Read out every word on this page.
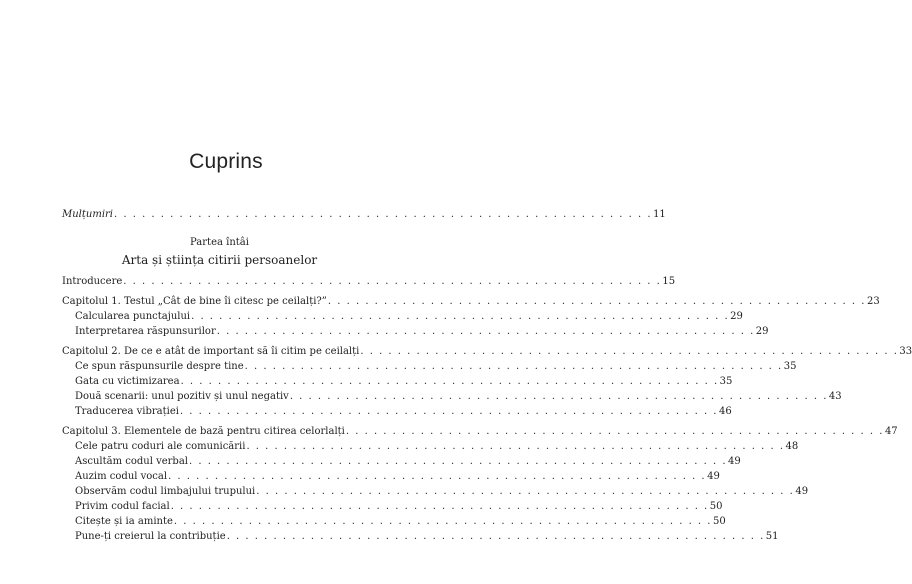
Cuprins
Mulțumiri . . . . . . . . . . . . . . . . . . . . . . . . . . . . . . . . . . . . . . . . . . . . . . . . . . . . . . . . . . 11
Partea întâi
Arta și știința citirii persoanelor
Introducere . . . . . . . . . . . . . . . . . . . . . . . . . . . . . . . . . . . . . . . . . . . . . . . . . . . . . . . . . . 15
Capitolul 1. Testul „Cât de bine îi citesc pe ceilalți?” . . . . . . . . . . . . . . . . . . . . . . . . . . . . . . . . . . . . . . . . . . . . . . . . . . . . . . . . . . 23
Calcularea punctajului . . . . . . . . . . . . . . . . . . . . . . . . . . . . . . . . . . . . . . . . . . . . . . . . . . . . . . . . . . 29
Interpretarea răspunsurilor . . . . . . . . . . . . . . . . . . . . . . . . . . . . . . . . . . . . . . . . . . . . . . . . . . . . . . . . . . 29
Capitolul 2. De ce e atât de important să îi citim pe ceilalți . . . . . . . . . . . . . . . . . . . . . . . . . . . . . . . . . . . . . . . . . . . . . . . . . . . . . . . . . . 33
Ce spun răspunsurile despre tine . . . . . . . . . . . . . . . . . . . . . . . . . . . . . . . . . . . . . . . . . . . . . . . . . . . . . . . . . . 35
Gata cu victimizarea . . . . . . . . . . . . . . . . . . . . . . . . . . . . . . . . . . . . . . . . . . . . . . . . . . . . . . . . . . 35
Două scenarii: unul pozitiv și unul negativ . . . . . . . . . . . . . . . . . . . . . . . . . . . . . . . . . . . . . . . . . . . . . . . . . . . . . . . . . . 43
Traducerea vibrației . . . . . . . . . . . . . . . . . . . . . . . . . . . . . . . . . . . . . . . . . . . . . . . . . . . . . . . . . . 46
Capitolul 3. Elementele de bază pentru citirea celorlalți . . . . . . . . . . . . . . . . . . . . . . . . . . . . . . . . . . . . . . . . . . . . . . . . . . . . . . . . . . 47
Cele patru coduri ale comunicării . . . . . . . . . . . . . . . . . . . . . . . . . . . . . . . . . . . . . . . . . . . . . . . . . . . . . . . . . . 48
Ascultăm codul verbal . . . . . . . . . . . . . . . . . . . . . . . . . . . . . . . . . . . . . . . . . . . . . . . . . . . . . . . . . . 49
Auzim codul vocal . . . . . . . . . . . . . . . . . . . . . . . . . . . . . . . . . . . . . . . . . . . . . . . . . . . . . . . . . . 49
Observăm codul limbajului trupului . . . . . . . . . . . . . . . . . . . . . . . . . . . . . . . . . . . . . . . . . . . . . . . . . . . . . . . . . . 49
Privim codul facial . . . . . . . . . . . . . . . . . . . . . . . . . . . . . . . . . . . . . . . . . . . . . . . . . . . . . . . . . . 50
Citește și ia aminte . . . . . . . . . . . . . . . . . . . . . . . . . . . . . . . . . . . . . . . . . . . . . . . . . . . . . . . . . . 50
Pune-ți creierul la contribuție . . . . . . . . . . . . . . . . . . . . . . . . . . . . . . . . . . . . . . . . . . . . . . . . . . . . . . . . . . 51
